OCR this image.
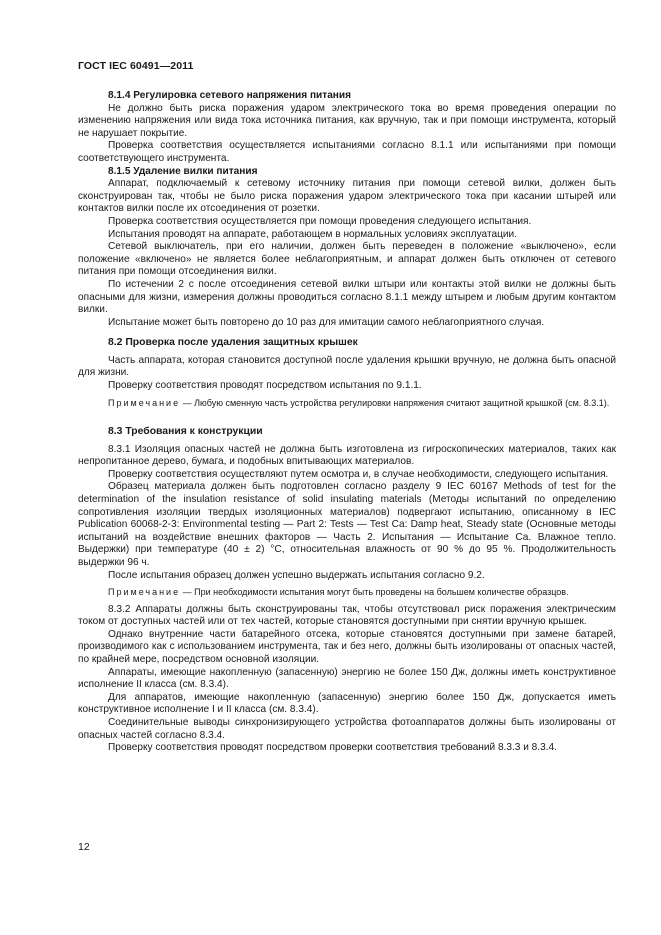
ГОСТ IEC 60491—2011

8.1.4 Регулировка сетевого напряжения питания

Не должно быть риска поражения ударом электрического тока во время проведения операции по изменению напряжения или вида тока источника питания, как вручную, так и при помощи инструмента, который не нарушает покрытие.

Проверка соответствия осуществляется испытаниями согласно 8.1.1 или испытаниями при помощи соответствующего инструмента.

8.1.5 Удаление вилки питания

Аппарат, подключаемый к сетевому источнику питания при помощи сетевой вилки, должен быть сконструирован так, чтобы не было риска поражения ударом электрического тока при касании штырей или контактов вилки после их отсоединения от розетки.

Проверка соответствия осуществляется при помощи проведения следующего испытания.

Испытания проводят на аппарате, работающем в нормальных условиях эксплуатации.

Сетевой выключатель, при его наличии, должен быть переведен в положение «выключено», если положение «включено» не является более неблагоприятным, и аппарат должен быть отключен от сетевого питания при помощи отсоединения вилки.

По истечении 2 с после отсоединения сетевой вилки штыри или контакты этой вилки не должны быть опасными для жизни, измерения должны проводиться согласно 8.1.1 между штырем и любым другим контактом вилки.

Испытание может быть повторено до 10 раз для имитации самого неблагоприятного случая.

8.2 Проверка после удаления защитных крышек

Часть аппарата, которая становится доступной после удаления крышки вручную, не должна быть опасной для жизни.

Проверку соответствия проводят посредством испытания по 9.1.1.

Примечание — Любую сменную часть устройства регулировки напряжения считают защитной крышкой (см. 8.3.1).

8.3 Требования к конструкции

8.3.1 Изоляция опасных частей не должна быть изготовлена из гигроскопических материалов, таких как непропитанное дерево, бумага, и подобных впитывающих материалов.

Проверку соответствия осуществляют путем осмотра и, в случае необходимости, следующего испытания.

Образец материала должен быть подготовлен согласно разделу 9 IEC 60167 Methods of test for the determination of the insulation resistance of solid insulating materials (Методы испытаний по определению сопротивления изоляции твердых изоляционных материалов) подвергают испытанию, описанному в IEC Publication 60068-2-3: Environmental testing — Part 2: Tests — Test Ca: Damp heat, Steady state (Основные методы испытаний на воздействие внешних факторов — Часть 2. Испытания — Испытание Са. Влажное тепло. Выдержки) при температуре (40 ± 2) °С, относительная влажность от 90 % до 95 %. Продолжительность выдержки 96 ч.

После испытания образец должен успешно выдержать испытания согласно 9.2.

Примечание — При необходимости испытания могут быть проведены на большем количестве образцов.

8.3.2 Аппараты должны быть сконструированы так, чтобы отсутствовал риск поражения электрическим током от доступных частей или от тех частей, которые становятся доступными при снятии вручную крышек.

Однако внутренние части батарейного отсека, которые становятся доступными при замене батарей, производимого как с использованием инструмента, так и без него, должны быть изолированы от опасных частей, по крайней мере, посредством основной изоляции.

Аппараты, имеющие накопленную (запасенную) энергию не более 150 Дж, должны иметь конструктивное исполнение II класса (см. 8.3.4).

Для аппаратов, имеющие накопленную (запасенную) энергию более 150 Дж, допускается иметь конструктивное исполнение I и II класса (см. 8.3.4).

Соединительные выводы синхронизирующего устройства фотоаппаратов должны быть изолированы от опасных частей согласно 8.3.4.

Проверку соответствия проводят посредством проверки соответствия требований 8.3.3 и 8.3.4.

12
